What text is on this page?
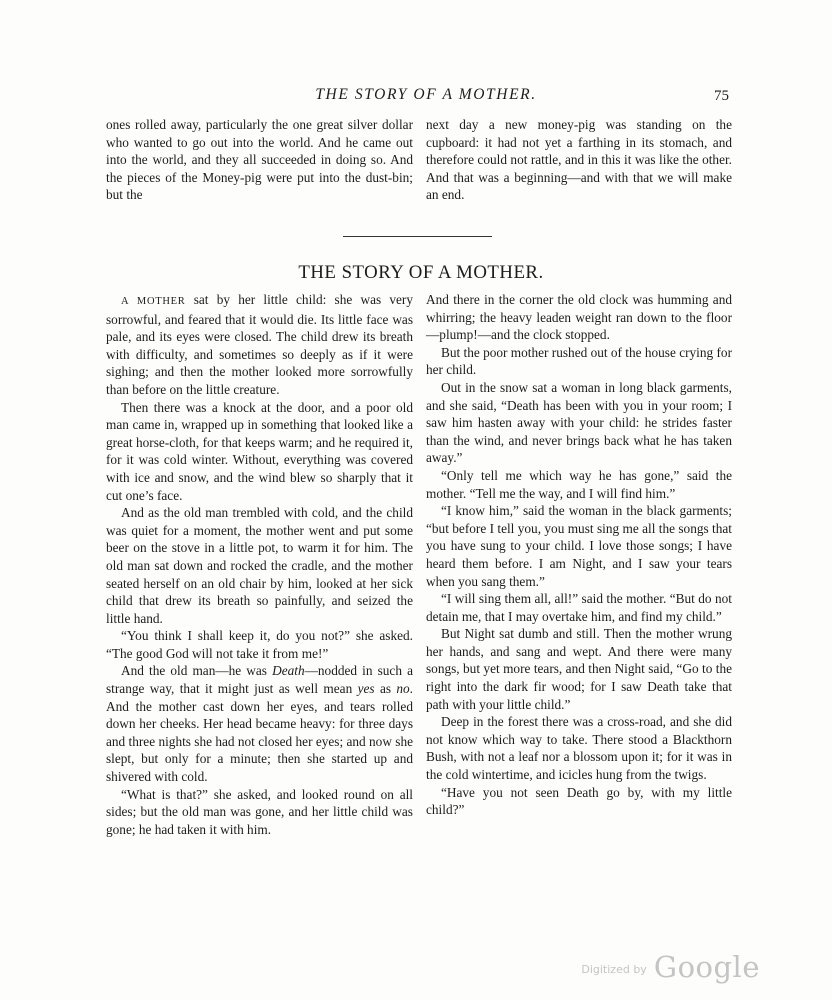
THE STORY OF A MOTHER.	75

ones rolled away, particularly the one great silver dollar who wanted to go out into the world. And he came out into the world, and they all succeeded in doing so. And the pieces of the Money-pig were put into the dust-bin; but the

next day a new money-pig was standing on the cupboard: it had not yet a farthing in its stomach, and therefore could not rattle, and in this it was like the other. And that was a beginning—and with that we will make an end.

THE STORY OF A MOTHER.

A MOTHER sat by her little child: she was very sorrowful, and feared that it would die. Its little face was pale, and its eyes were closed. The child drew its breath with difficulty, and sometimes so deeply as if it were sighing; and then the mother looked more sorrowfully than before on the little creature.

Then there was a knock at the door, and a poor old man came in, wrapped up in something that looked like a great horse-cloth, for that keeps warm; and he required it, for it was cold winter. Without, everything was covered with ice and snow, and the wind blew so sharply that it cut one’s face.

And as the old man trembled with cold, and the child was quiet for a moment, the mother went and put some beer on the stove in a little pot, to warm it for him. The old man sat down and rocked the cradle, and the mother seated herself on an old chair by him, looked at her sick child that drew its breath so painfully, and seized the little hand.

“You think I shall keep it, do you not?” she asked. “The good God will not take it from me!”

And the old man—he was Death—nodded in such a strange way, that it might just as well mean yes as no. And the mother cast down her eyes, and tears rolled down her cheeks. Her head became heavy: for three days and three nights she had not closed her eyes; and now she slept, but only for a minute; then she started up and shivered with cold.

“What is that?” she asked, and looked round on all sides; but the old man was gone, and her little child was gone; he had taken it with him.

And there in the corner the old clock was humming and whirring; the heavy leaden weight ran down to the floor—plump!—and the clock stopped.

But the poor mother rushed out of the house crying for her child.

Out in the snow sat a woman in long black garments, and she said, “Death has been with you in your room; I saw him hasten away with your child: he strides faster than the wind, and never brings back what he has taken away.”

“Only tell me which way he has gone,” said the mother. “Tell me the way, and I will find him.”

“I know him,” said the woman in the black garments; “but before I tell you, you must sing me all the songs that you have sung to your child. I love those songs; I have heard them before. I am Night, and I saw your tears when you sang them.”

“I will sing them all, all!” said the mother. “But do not detain me, that I may overtake him, and find my child.”

But Night sat dumb and still. Then the mother wrung her hands, and sang and wept. And there were many songs, but yet more tears, and then Night said, “Go to the right into the dark fir wood; for I saw Death take that path with your little child.”

Deep in the forest there was a cross-road, and she did not know which way to take. There stood a Blackthorn Bush, with not a leaf nor a blossom upon it; for it was in the cold wintertime, and icicles hung from the twigs.

“Have you not seen Death go by, with my little child?”

$^{Digitized by}$ Google
